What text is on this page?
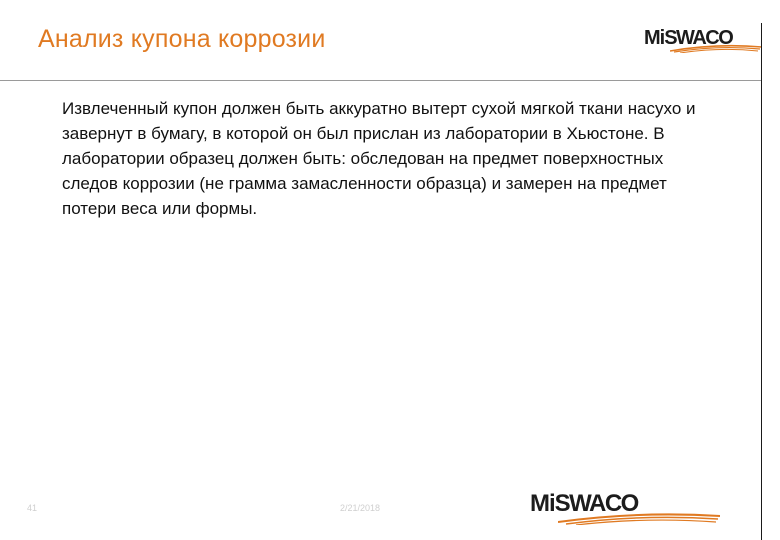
Анализ купона коррозии	Mi SWACO

Извлеченный купон должен быть аккуратно вытерт сухой мягкой ткани насухо и завернут в бумагу, в которой он был прислан из лаборатории в Хьюстоне. В лаборатории образец должен быть: обследован на предмет поверхностных следов коррозии (не грамма замасленности образца) и замерен на предмет потери веса или формы.

41	2/21/2018	Mi SWACO
